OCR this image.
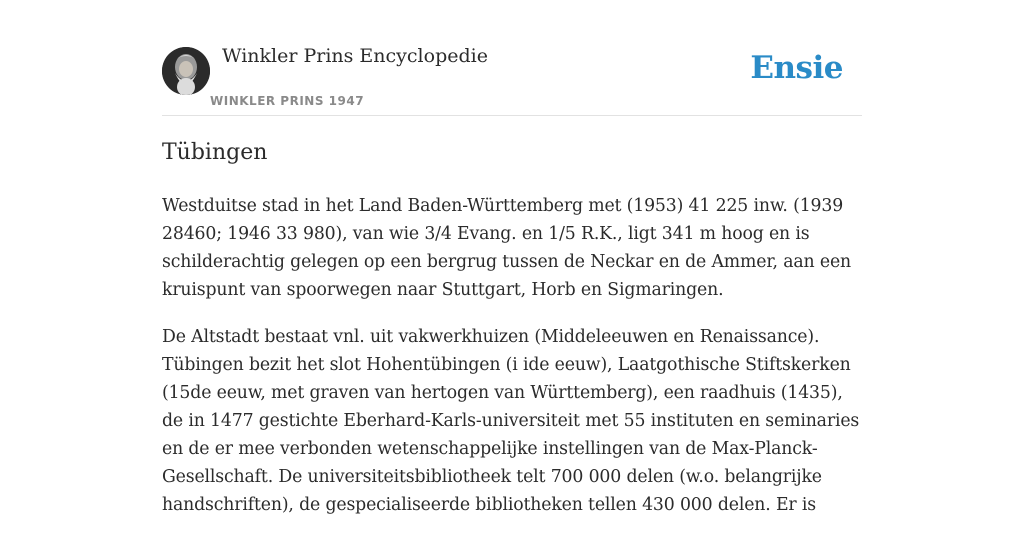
Winkler Prins Encyclopedie
WINKLER PRINS 1947
Ensie
Tübingen

Westduitse stad in het Land Baden-Württemberg met (1953) 41 225 inw. (1939 28460; 1946 33 980), van wie 3/4 Evang. en 1/5 R.K., ligt 341 m hoog en is schilderachtig gelegen op een bergrug tussen de Neckar en de Ammer, aan een kruispunt van spoorwegen naar Stuttgart, Horb en Sigmaringen.

De Altstadt bestaat vnl. uit vakwerkhuizen (Middeleeuwen en Renaissance). Tübingen bezit het slot Hohentübingen (i ide eeuw), Laatgothische Stiftskerken (15de eeuw, met graven van hertogen van Württemberg), een raadhuis (1435), de in 1477 gestichte Eberhard-Karls-universiteit met 55 instituten en seminaries en de er mee verbonden wetenschappelijke instellingen van de Max-Planck-Gesellschaft. De universiteitsbibliotheek telt 700 000 delen (w.o. belangrijke handschriften), de gespecialiseerde bibliotheken tellen 430 000 delen. Er is
